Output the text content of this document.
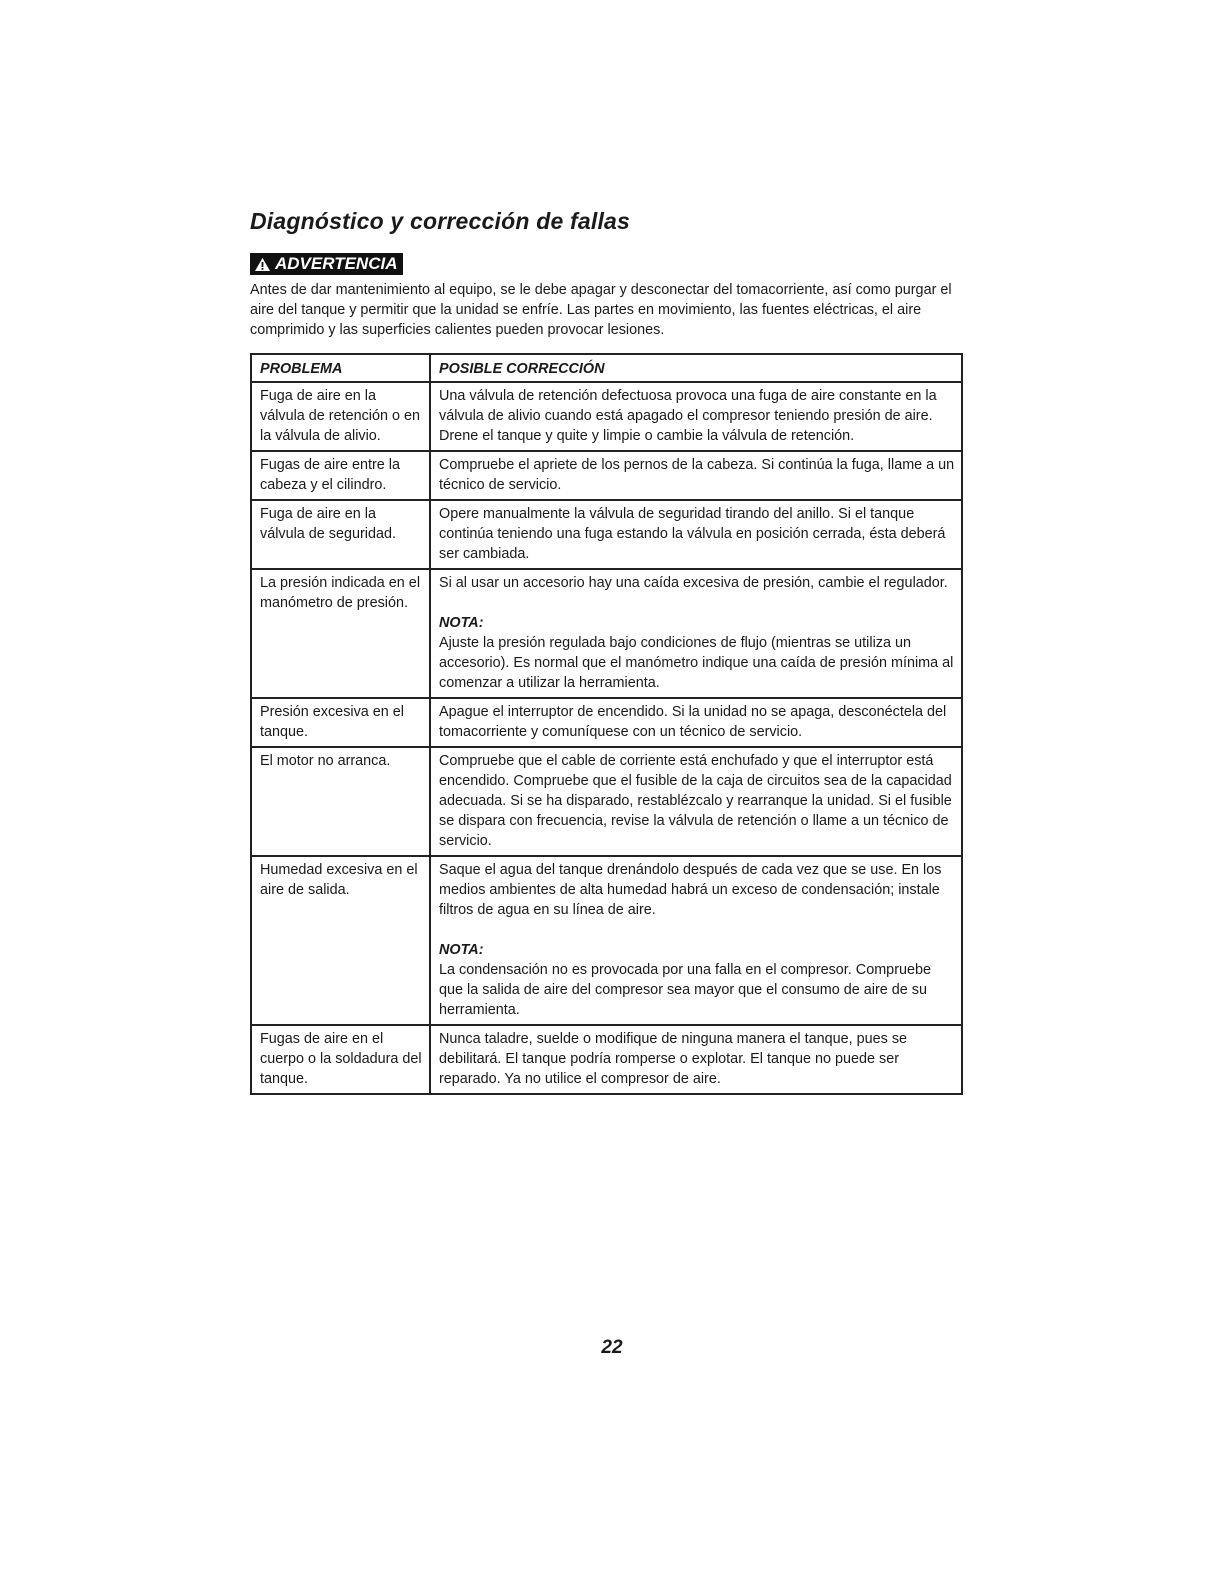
Diagnóstico y corrección de fallas
ADVERTENCIA

Antes de dar mantenimiento al equipo, se le debe apagar y desconectar del tomacorriente, así como purgar el aire del tanque y permitir que la unidad se enfríe. Las partes en movimiento, las fuentes eléctricas, el aire comprimido y las superficies calientes pueden provocar lesiones.

PROBLEMA	POSIBLE CORRECCIÓN
Fuga de aire en la válvula de retención o en la válvula de alivio.	Una válvula de retención defectuosa provoca una fuga de aire constante en la válvula de alivio cuando está apagado el compresor teniendo presión de aire. Drene el tanque y quite y limpie o cambie la válvula de retención.
Fugas de aire entre la cabeza y el cilindro.	Compruebe el apriete de los pernos de la cabeza. Si continúa la fuga, llame a un técnico de servicio.
Fuga de aire en la válvula de seguridad.	Opere manualmente la válvula de seguridad tirando del anillo. Si el tanque continúa teniendo una fuga estando la válvula en posición cerrada, ésta deberá ser cambiada.
La presión indicada en el manómetro de presión.	Si al usar un accesorio hay una caída excesiva de presión, cambie el regulador.
NOTA:
Ajuste la presión regulada bajo condiciones de flujo (mientras se utiliza un accesorio). Es normal que el manómetro indique una caída de presión mínima al comenzar a utilizar la herramienta.

Presión excesiva en el tanque.	Apague el interruptor de encendido. Si la unidad no se apaga, desconéctela del tomacorriente y comuníquese con un técnico de servicio.
El motor no arranca.	Compruebe que el cable de corriente está enchufado y que el interruptor está encendido. Compruebe que el fusible de la caja de circuitos sea de la capacidad adecuada. Si se ha disparado, restablézcalo y rearranque la unidad. Si el fusible se dispara con frecuencia, revise la válvula de retención o llame a un técnico de servicio.
Humedad excesiva en el aire de salida.	Saque el agua del tanque drenándolo después de cada vez que se use. En los medios ambientes de alta humedad habrá un exceso de condensación; instale filtros de agua en su línea de aire.
NOTA:
La condensación no es provocada por una falla en el compresor. Compruebe que la salida de aire del compresor sea mayor que el consumo de aire de su herramienta.

Fugas de aire en el cuerpo o la soldadura del tanque.	Nunca taladre, suelde o modifique de ninguna manera el tanque, pues se debilitará. El tanque podría romperse o explotar. El tanque no puede ser reparado. Ya no utilice el compresor de aire.
22
